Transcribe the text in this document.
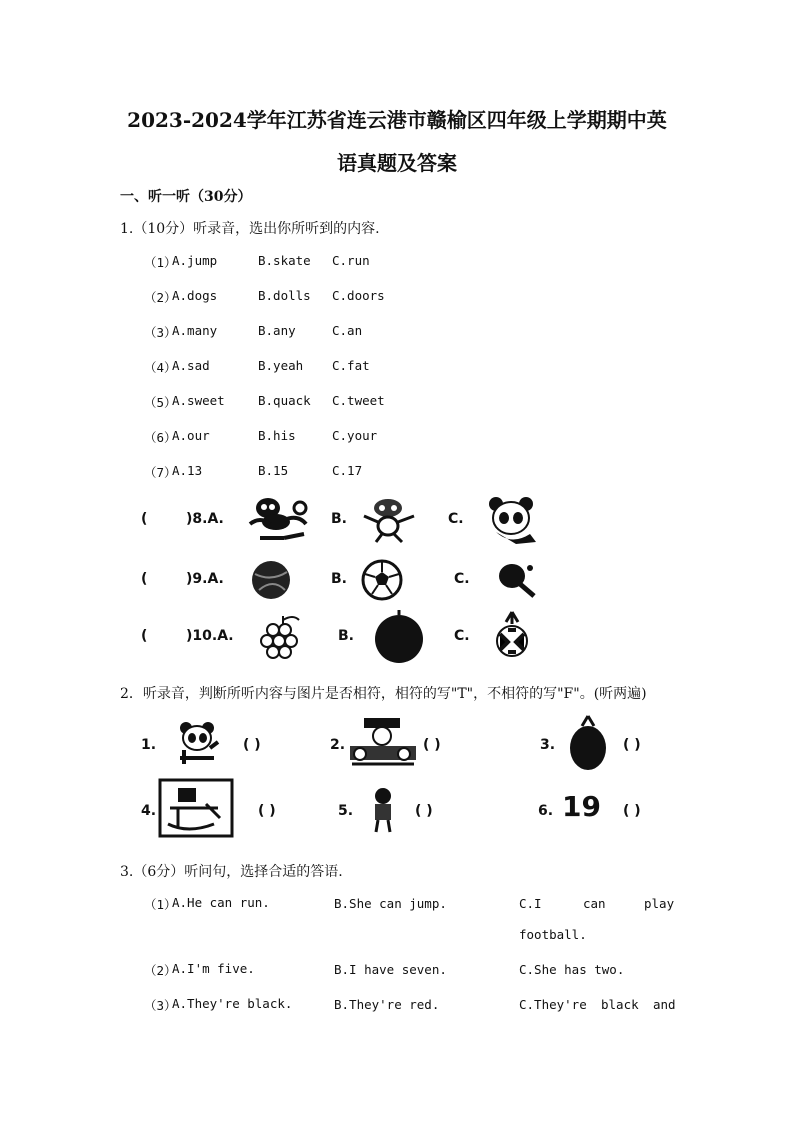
2023-2024学年江苏省连云港市赣榆区四年级上学期期中英
语真题及答案
一、听一听（30分）
1.（10分）听录音，选出你所听到的内容.
（1）
A.jump	B.skate C.run
（2）
A.dogs	B.dolls C.doors
（3）
A.many	B.any	C.an
（4）
A.sad	B.yeah C.fat
（5）
A.sweet	B.quack C.tweet
（6）
A.our	B.his	C.your
（7）
A.13	B.15	C.17
(	)8.A.	B.	C.
(	)9.A.	B.	C.
(	)10.A.	B.	C.
2．听录音，判断所听内容与图片是否相符，相符的写"T"，不相符的写"F"。(听两遍)
1.	( )	2.	( )	3.	( )
4.	( )	5.	( )	6. 19 ( )
3.（6分）听问句，选择合适的答语.
（1）
A.He can run.	B.She can jump.	C.I	can	play
football.
（2）
A.I'm five.	B.I have seven.	C.She has two.
（3）
A.They're black.	B.They're red.	C.They're black and
